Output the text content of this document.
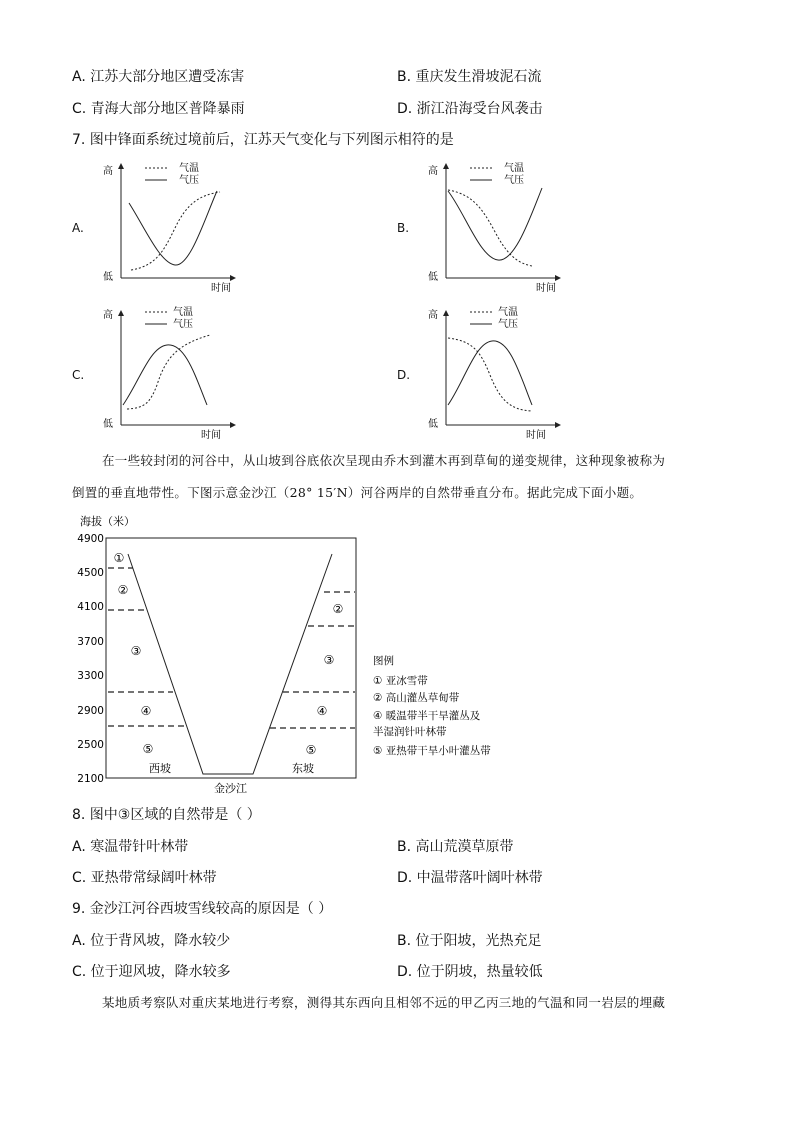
A. 江苏大部分地区遭受冻害	B. 重庆发生滑坡泥石流
C. 青海大部分地区普降暴雨	D. 浙江沿海受台风袭击
7. 图中锋面系统过境前后，江苏天气变化与下列图示相符的是
A.	B.
C.	D.
高
低
时间
气温
气压
高
低
时间
气温
气压
高
低
时间
气温
气压
高
低
时间
气温
气压
在一些较封闭的河谷中，从山坡到谷底依次呈现由乔木到灌木再到草甸的递变规律，这种现象被称为
倒置的垂直地带性。下图示意金沙江（28° 15′N）河谷两岸的自然带垂直分布。据此完成下面小题。
海拔（米）
4900
4500
4100
3700
3300
2900
2500
2100
①
②
③
④
⑤
②
③
④
⑤
西坡	东坡
金沙江
图例
① 亚冰雪带
② 高山灌丛草甸带
④ 暖温带半干旱灌丛及
半湿润针叶林带
⑤ 亚热带干旱小叶灌丛带
8. 图中③区域的自然带是（ ）
A. 寒温带针叶林带	B. 高山荒漠草原带
C. 亚热带常绿阔叶林带	D. 中温带落叶阔叶林带
9. 金沙江河谷西坡雪线较高的原因是（ ）
A. 位于背风坡，降水较少	B. 位于阳坡，光热充足
C. 位于迎风坡，降水较多	D. 位于阴坡，热量较低
某地质考察队对重庆某地进行考察，测得其东西向且相邻不远的甲乙丙三地的气温和同一岩层的埋藏
